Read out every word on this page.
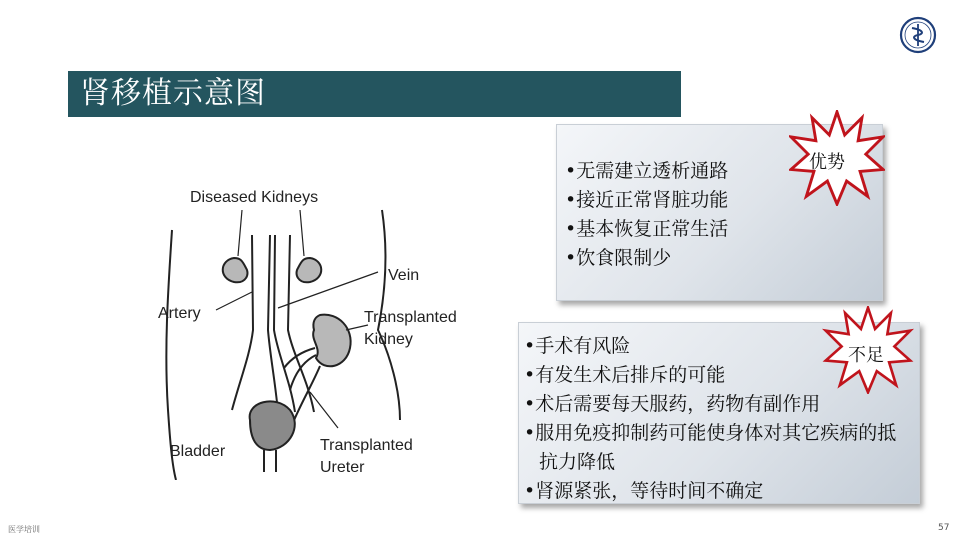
肾移植示意图
Diseased Kidneys
Vein
Artery	Transplanted
Kidney
Bladder	Transplanted
Ureter
•无需建立透析通路
•接近正常肾脏功能
•基本恢复正常生活
•饮食限制少
•手术有风险
•有发生术后排斥的可能
•术后需要每天服药，药物有副作用
•服用免疫抑制药可能使身体对其它疾病的抵抗力降低
•肾源紧张，等待时间不确定
优势
不足
医学培训	57
